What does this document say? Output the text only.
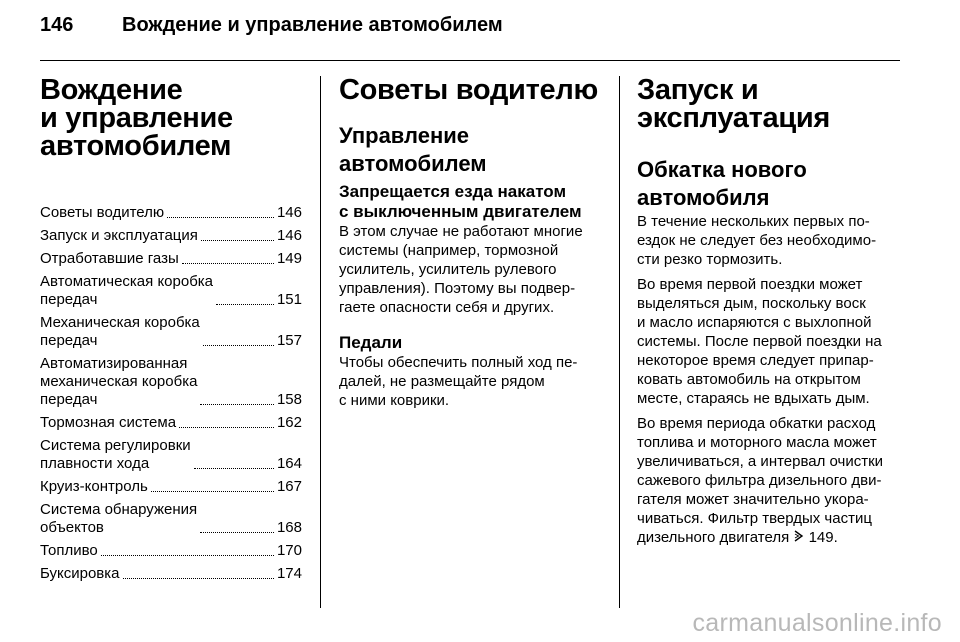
146	Вождение и управление автомобилем
Вождение
и управление
автомобилем
Советы водителю	146
Запуск и эксплуатация	146
Отработавшие газы	149
Автоматическая коробка
передач	151
Механическая коробка
передач	157
Автоматизированная
механическая коробка
передач	158
Тормозная система	162
Система регулировки
плавности хода	164
Круиз-контроль	167
Система обнаружения
объектов	168
Топливо	170
Буксировка	174
Советы водителю
Управление
автомобилем
Запрещается езда накатом
с выключенным двигателем

В этом случае не работают многие
системы (например, тормозной
усилитель, усилитель рулевого
управления). Поэтому вы подвер-
гаете опасности себя и других.

Педали

Чтобы обеспечить полный ход пе-
далей, не размещайте рядом
с ними коврики.

Запуск и эксплуатация
Обкатка нового
автомобиля

В течение нескольких первых по-
ездок не следует без необходимо-
сти резко тормозить.

Во время первой поездки может
выделяться дым, поскольку воск
и масло испаряются с выхлопной
системы. После первой поездки на
некоторое время следует припар-
ковать автомобиль на открытом
месте, стараясь не вдыхать дым.

Во время периода обкатки расход
топлива и моторного масла может
увеличиваться, а интервал очистки
сажевого фильтра дизельного дви-
гателя может значительно укора-
чиваться. Фильтр твердых частиц
дизельного двигателя 149.

carmanualsonline.info
